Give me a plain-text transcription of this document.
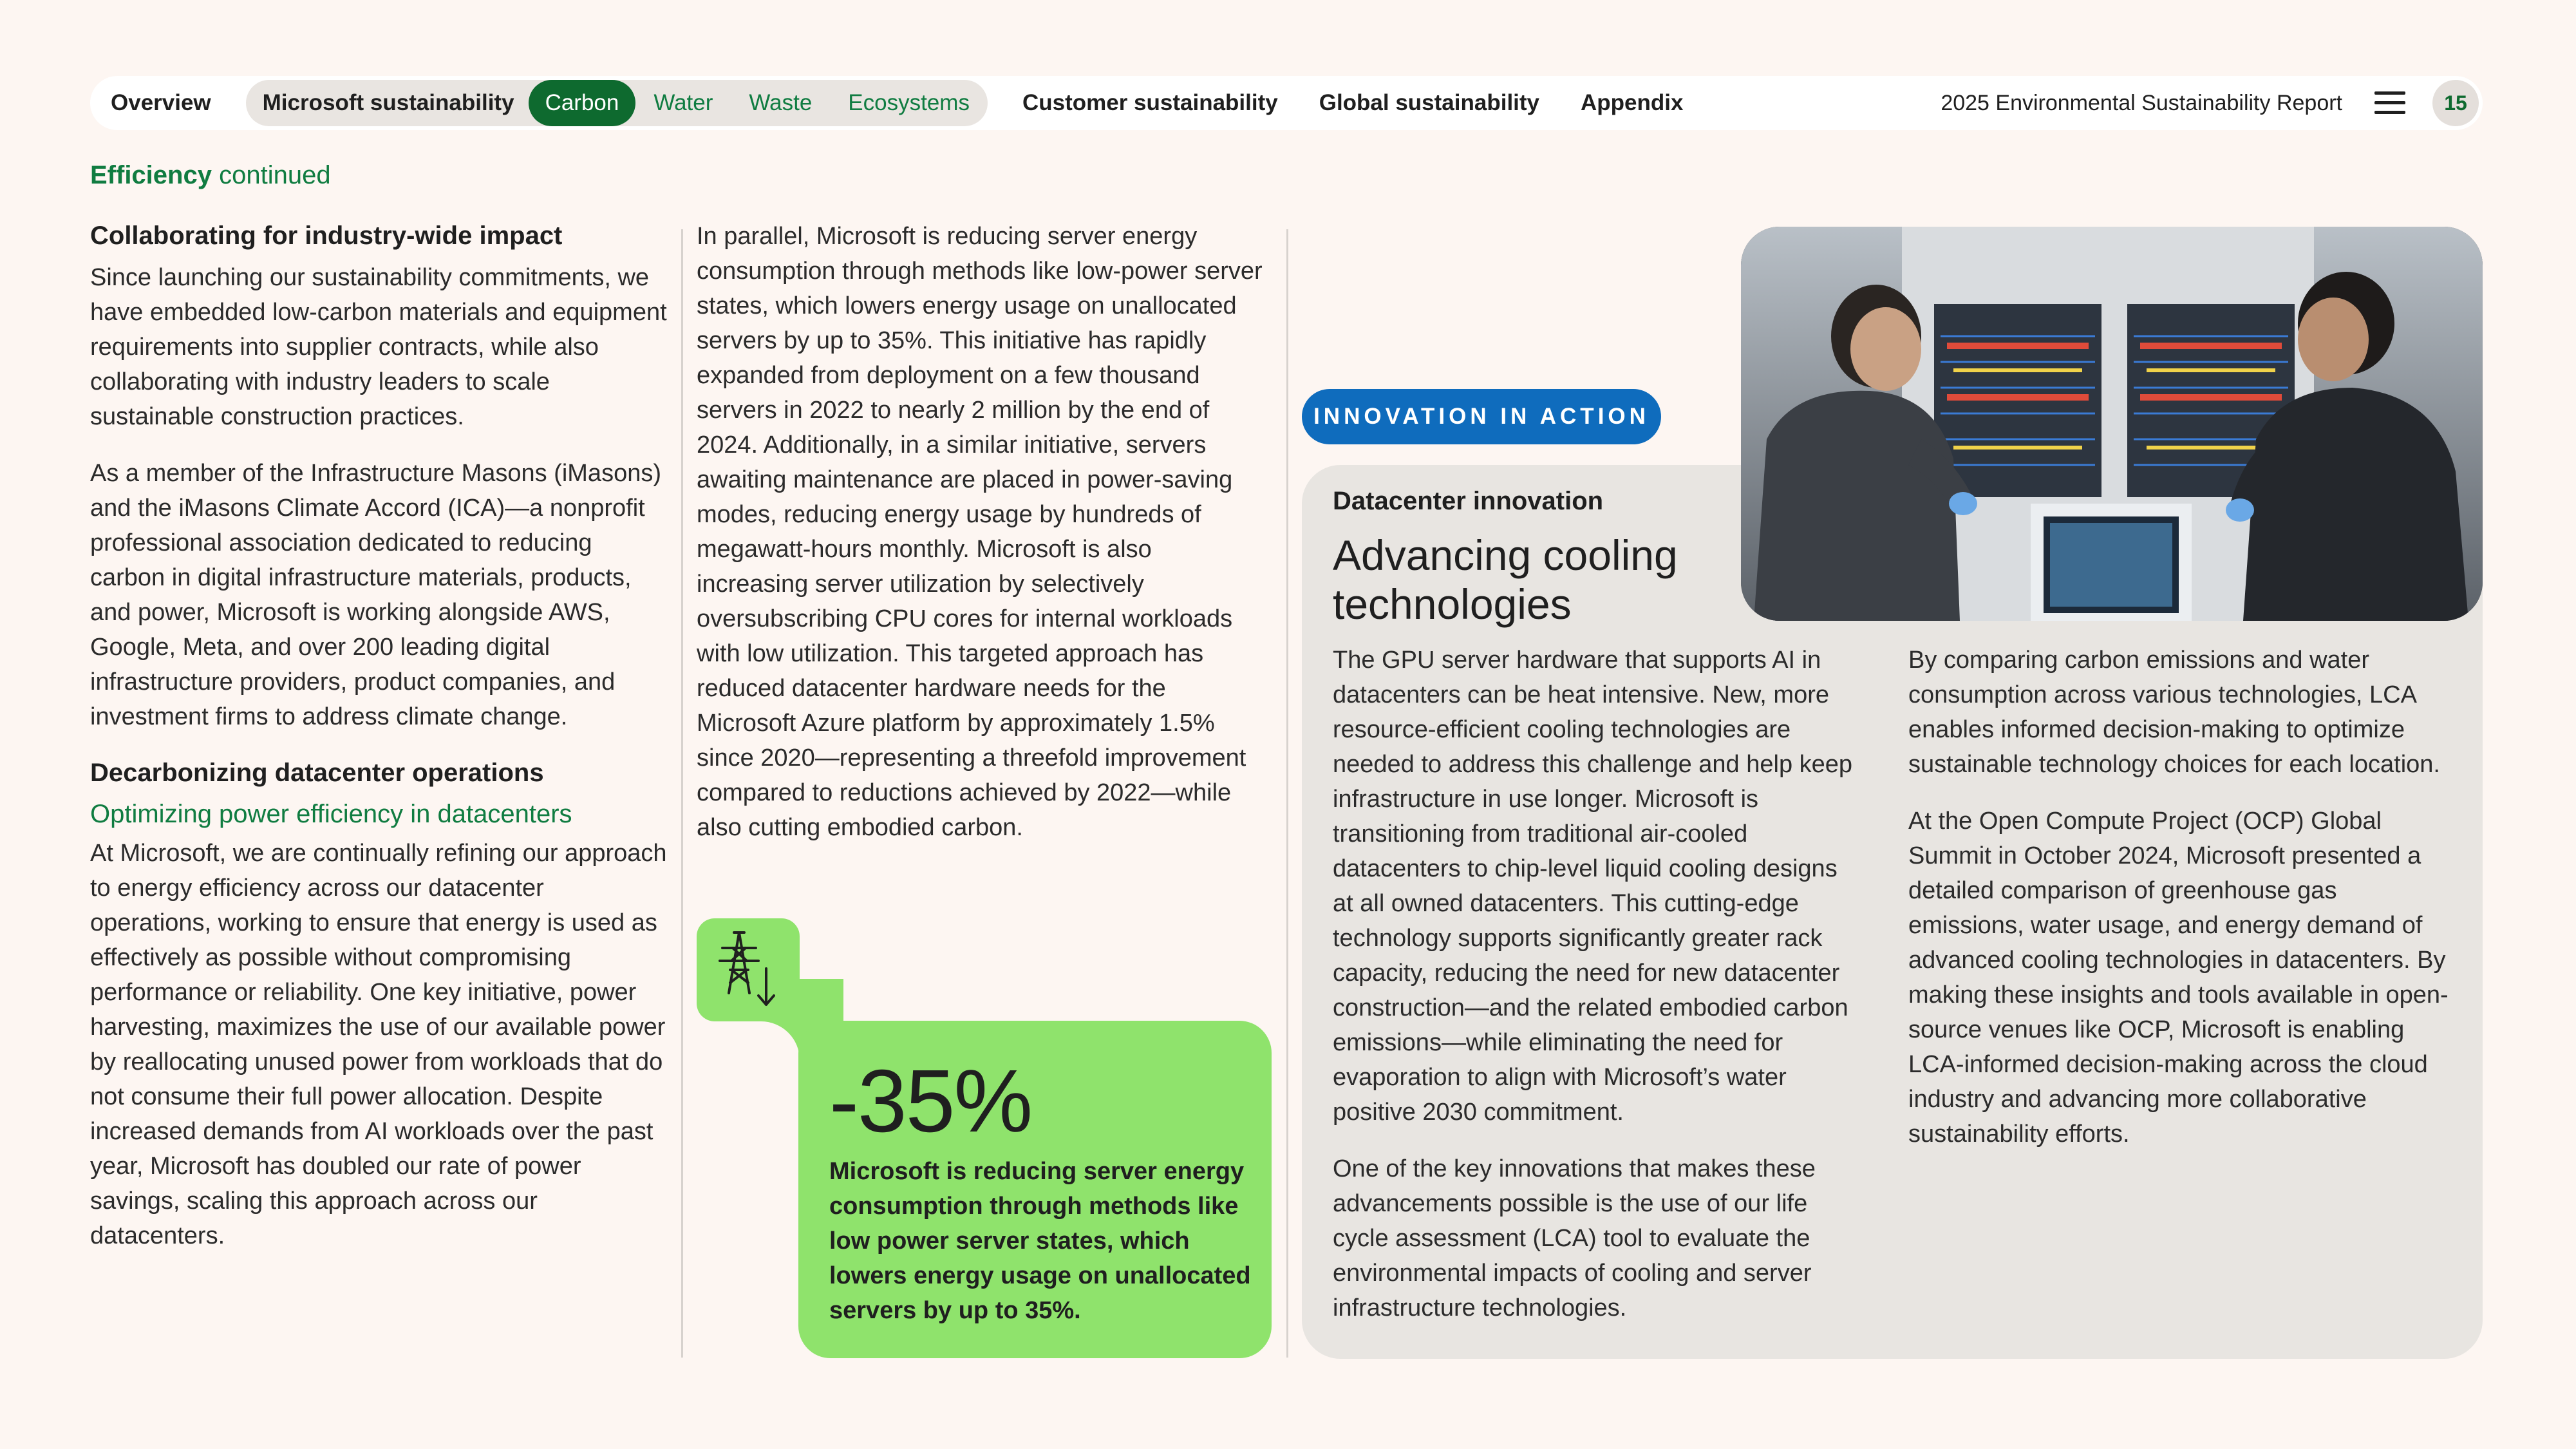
Overview	Microsoft sustainability	Carbon	Water	Waste	Ecosystems	Customer sustainability	Global sustainability	Appendix	2025 Environmental Sustainability Report	15
Efficiency continued
Collaborating for industry-wide impact

Since launching our sustainability commitments, we have embedded low-carbon materials and equipment requirements into supplier contracts, while also collaborating with industry leaders to scale sustainable construction practices.

As a member of the Infrastructure Masons (iMasons) and the iMasons Climate Accord (ICA)—a nonprofit professional association dedicated to reducing carbon in digital infrastructure materials, products, and power, Microsoft is working alongside AWS, Google, Meta, and over 200 leading digital infrastructure providers, product companies, and investment firms to address climate change.

Decarbonizing datacenter operations
Optimizing power efficiency in datacenters

At Microsoft, we are continually refining our approach to energy efficiency across our datacenter operations, working to ensure that energy is used as effectively as possible without compromising performance or reliability. One key initiative, power harvesting, maximizes the use of our available power by reallocating unused power from workloads that do not consume their full power allocation. Despite increased demands from AI workloads over the past year, Microsoft has doubled our rate of power savings, scaling this approach across our datacenters.

In parallel, Microsoft is reducing server energy consumption through methods like low-power server states, which lowers energy usage on unallocated servers by up to 35%. This initiative has rapidly expanded from deployment on a few thousand servers in 2022 to nearly 2 million by the end of 2024. Additionally, in a similar initiative, servers awaiting maintenance are placed in power-saving modes, reducing energy usage by hundreds of megawatt-hours monthly. Microsoft is also increasing server utilization by selectively oversubscribing CPU cores for internal workloads with low utilization. This targeted approach has reduced datacenter hardware needs for the Microsoft Azure platform by approximately 1.5% since 2020—representing a threefold improvement compared to reductions achieved by 2022—while also cutting embodied carbon.

-35%
Microsoft is reducing server energy consumption through methods like low power server states, which lowers energy usage on unallocated servers by up to 35%.
INNOVATION IN ACTION
Datacenter innovation
Advancing cooling technologies

The GPU server hardware that supports AI in datacenters can be heat intensive. New, more resource-efficient cooling technologies are needed to address this challenge and help keep infrastructure in use longer. Microsoft is transitioning from traditional air-cooled datacenters to chip-level liquid cooling designs at all owned datacenters. This cutting-edge technology supports significantly greater rack capacity, reducing the need for new datacenter construction—and the related embodied carbon emissions—while eliminating the need for evaporation to align with Microsoft’s water positive 2030 commitment.

One of the key innovations that makes these advancements possible is the use of our life cycle assessment (LCA) tool to evaluate the environmental impacts of cooling and server infrastructure technologies.

By comparing carbon emissions and water consumption across various technologies, LCA enables informed decision-making to optimize sustainable technology choices for each location.

At the Open Compute Project (OCP) Global Summit in October 2024, Microsoft presented a detailed comparison of greenhouse gas emissions, water usage, and energy demand of advanced cooling technologies in datacenters. By making these insights and tools available in open-source venues like OCP, Microsoft is enabling LCA-informed decision-making across the cloud industry and advancing more collaborative sustainability efforts.
